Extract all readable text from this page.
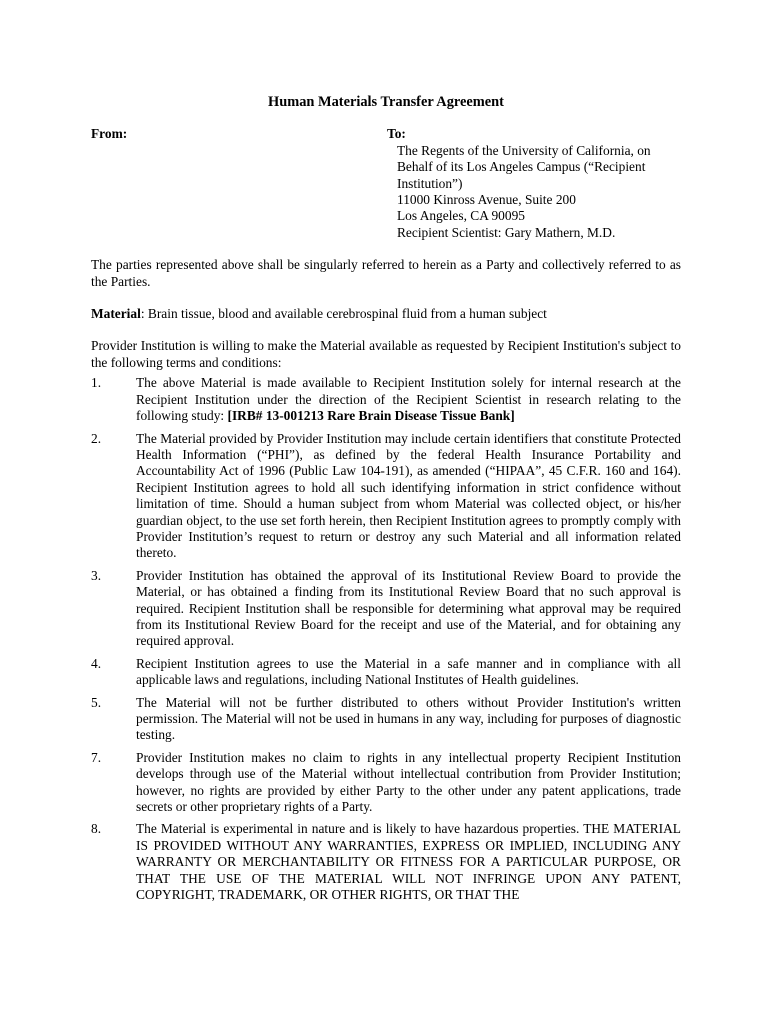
Human Materials Transfer Agreement
From:	To:
The Regents of the University of California, on
Behalf of its Los Angeles Campus (“Recipient
Institution”)
11000 Kinross Avenue, Suite 200
Los Angeles, CA 90095
Recipient Scientist: Gary Mathern, M.D.
The parties represented above shall be singularly referred to herein as a Party and collectively referred to as the Parties.
Material: Brain tissue, blood and available cerebrospinal fluid from a human subject
Provider Institution is willing to make the Material available as requested by Recipient Institution's subject to the following terms and conditions:
1.	The above Material is made available to Recipient Institution solely for internal research at the Recipient Institution under the direction of the Recipient Scientist in research relating to the following study: [IRB# 13-001213 Rare Brain Disease Tissue Bank]
2.	The Material provided by Provider Institution may include certain identifiers that constitute Protected Health Information (“PHI”), as defined by the federal Health Insurance Portability and Accountability Act of 1996 (Public Law 104-191), as amended (“HIPAA”, 45 C.F.R. 160 and 164). Recipient Institution agrees to hold all such identifying information in strict confidence without limitation of time. Should a human subject from whom Material was collected object, or his/her guardian object, to the use set forth herein, then Recipient Institution agrees to promptly comply with Provider Institution’s request to return or destroy any such Material and all information related thereto.
3.	Provider Institution has obtained the approval of its Institutional Review Board to provide the Material, or has obtained a finding from its Institutional Review Board that no such approval is required. Recipient Institution shall be responsible for determining what approval may be required from its Institutional Review Board for the receipt and use of the Material, and for obtaining any required approval.
4.	Recipient Institution agrees to use the Material in a safe manner and in compliance with all applicable laws and regulations, including National Institutes of Health guidelines.
5.	The Material will not be further distributed to others without Provider Institution's written permission. The Material will not be used in humans in any way, including for purposes of diagnostic testing.
7.	Provider Institution makes no claim to rights in any intellectual property Recipient Institution develops through use of the Material without intellectual contribution from Provider Institution; however, no rights are provided by either Party to the other under any patent applications, trade secrets or other proprietary rights of a Party.
8.	The Material is experimental in nature and is likely to have hazardous properties. THE MATERIAL IS PROVIDED WITHOUT ANY WARRANTIES, EXPRESS OR IMPLIED, INCLUDING ANY WARRANTY OR MERCHANTABILITY OR FITNESS FOR A PARTICULAR PURPOSE, OR THAT THE USE OF THE MATERIAL WILL NOT INFRINGE UPON ANY PATENT, COPYRIGHT, TRADEMARK, OR OTHER RIGHTS, OR THAT THE
